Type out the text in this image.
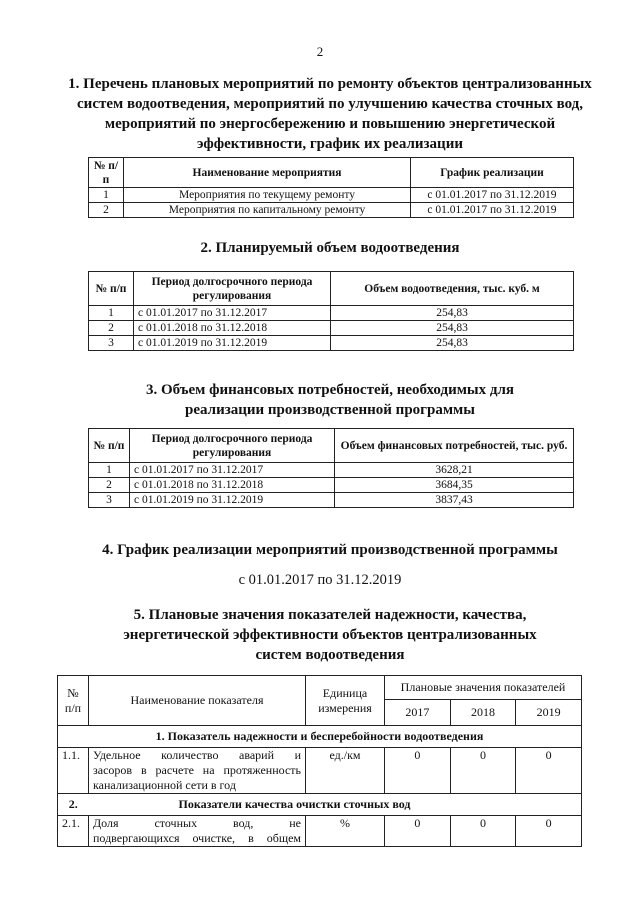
2
1. Перечень плановых мероприятий по ремонту объектов централизованных
систем водоотведения, мероприятий по улучшению качества сточных вод,
мероприятий по энергосбережению и повышению энергетической
эффективности, график их реализации
№ п/п	Наименование мероприятия	График реализации
1	Мероприятия по текущему ремонту	с 01.01.2017 по 31.12.2019
2	Мероприятия по капитальному ремонту	с 01.01.2017 по 31.12.2019
2. Планируемый объем водоотведения
№ п/п	Период долгосрочного периода регулирования	Объем водоотведения, тыс. куб. м
1	с 01.01.2017 по 31.12.2017	254,83
2	с 01.01.2018 по 31.12.2018	254,83
3	с 01.01.2019 по 31.12.2019	254,83
3. Объем финансовых потребностей, необходимых для
реализации производственной программы
№ п/п	Период долгосрочного периода регулирования	Объем финансовых потребностей, тыс. руб.
1	с 01.01.2017 по 31.12.2017	3628,21
2	с 01.01.2018 по 31.12.2018	3684,35
3	с 01.01.2019 по 31.12.2019	3837,43
4. График реализации мероприятий производственной программы
с 01.01.2017 по 31.12.2019
5. Плановые значения показателей надежности, качества,
энергетической эффективности объектов централизованных
систем водоотведения
№ п/п	Наименование показателя	Единица измерения	Плановые значения показателей		
			2017	2018	2019
1. Показатель надежности и бесперебойности водоотведения					
1.1.	Удельное количество аварий и
засоров в расчете на протяженность
канализационной сети в год	ед./км	0	0	0
2.	Показатели качества очистки сточных вод				
2.1.	Доля сточных вод, не
подвергающихся очистке, в общем	%	0	0	0
